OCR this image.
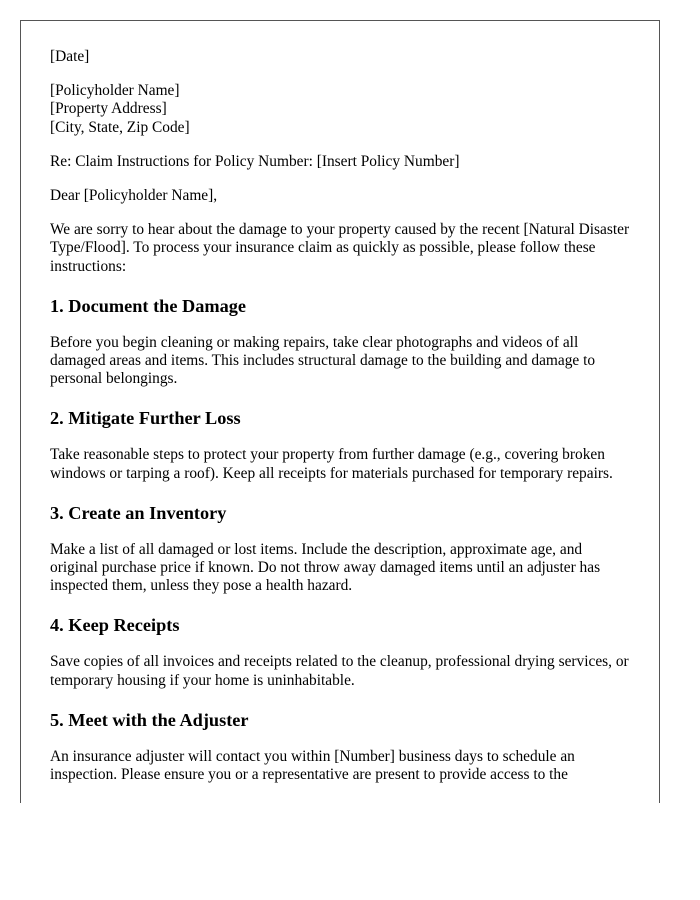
[Date]

[Policyholder Name]
[Property Address]
[City, State, Zip Code]

Re: Claim Instructions for Policy Number: [Insert Policy Number]

Dear [Policyholder Name],

We are sorry to hear about the damage to your property caused by the recent [Natural Disaster Type/Flood]. To process your insurance claim as quickly as possible, please follow these instructions:

1. Document the Damage

Before you begin cleaning or making repairs, take clear photographs and videos of all damaged areas and items. This includes structural damage to the building and damage to personal belongings.

2. Mitigate Further Loss

Take reasonable steps to protect your property from further damage (e.g., covering broken windows or tarping a roof). Keep all receipts for materials purchased for temporary repairs.

3. Create an Inventory

Make a list of all damaged or lost items. Include the description, approximate age, and original purchase price if known. Do not throw away damaged items until an adjuster has inspected them, unless they pose a health hazard.

4. Keep Receipts

Save copies of all invoices and receipts related to the cleanup, professional drying services, or temporary housing if your home is uninhabitable.

5. Meet with the Adjuster

An insurance adjuster will contact you within [Number] business days to schedule an inspection. Please ensure you or a representative are present to provide access to the
